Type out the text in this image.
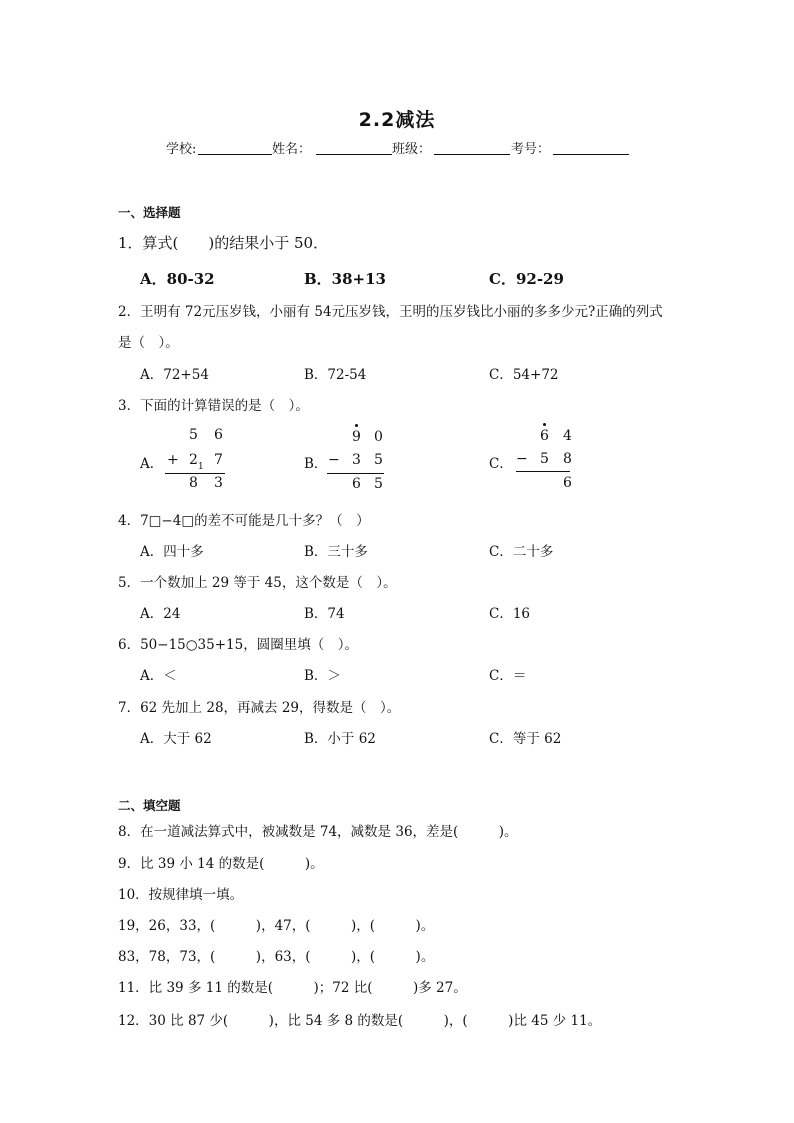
2.2减法
学校:	姓名：	班级：	考号：
一、选择题
1．算式(　　)的结果小于 50．
A．80-32	B．38+13	C．92-29
2．王明有 72元压岁钱，小丽有 54元压岁钱，王明的压岁钱比小丽的多多少元?正确的列式
是（　）。
A．72+54	B．72-54	C．54+72
3．下面的计算错误的是（　）。
A．
5 6
+ 2 1 7
8 3
B．
9 0
− 3 5
6 5
C．
6 4
− 5 8
6
4．7□−4□的差不可能是几十多？（　）
A．四十多	B．三十多	C．二十多
5．一个数加上 29 等于 45，这个数是（　）。
A．24	B．74	C．16
6．50−15○35+15，圆圈里填（　）。
A．＜	B．＞	C．＝
7．62 先加上 28，再减去 29，得数是（　）。
A．大于 62	B．小于 62	C．等于 62
二、填空题
8．在一道减法算式中，被减数是 74，减数是 36，差是(　　　)。
9．比 39 小 14 的数是(　　　)。
10．按规律填一填。
19，26，33，(　　　)，47，(　　　)，(　　　)。
83，78，73，(　　　)，63，(　　　)，(　　　)。
11．比 39 多 11 的数是(　　　)；72 比(　　　)多 27。
12．30 比 87 少(　　　)，比 54 多 8 的数是(　　　)，(　　　)比 45 少 11。
